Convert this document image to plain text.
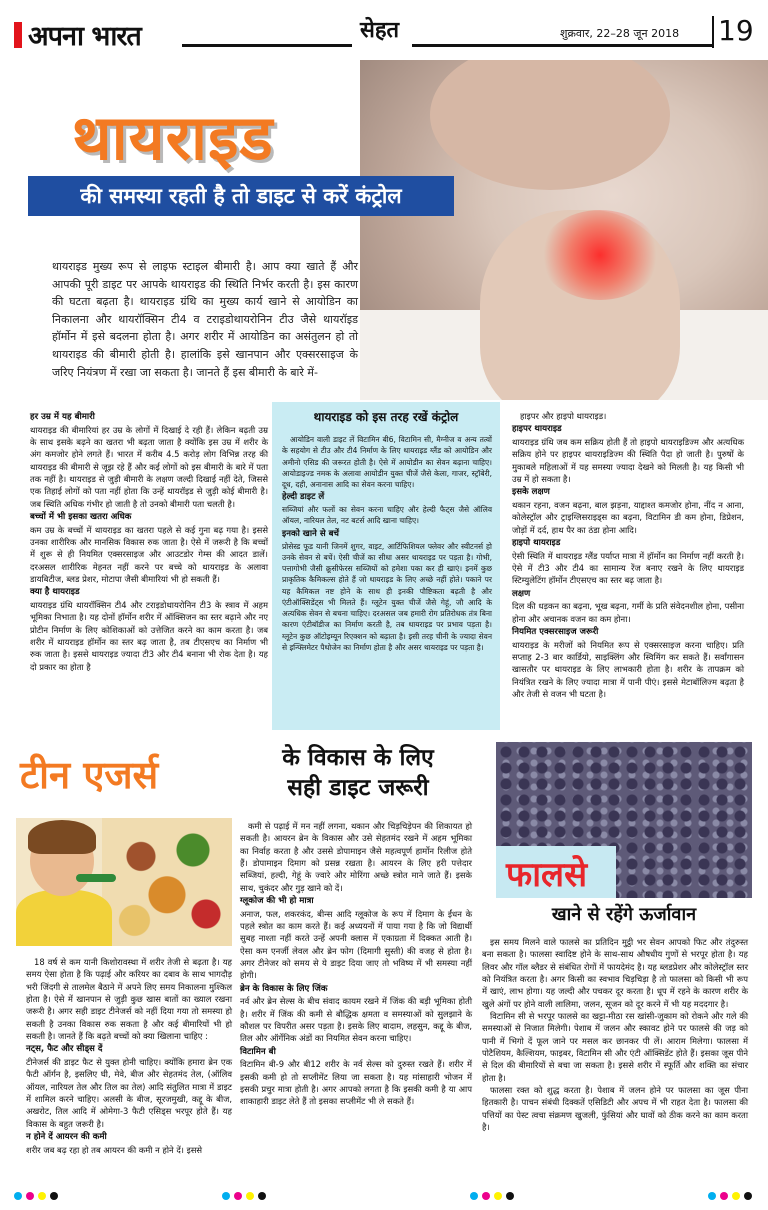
अपना भारत	सेहत	शुक्रवार, 22–28 जून 2018 19
थायराइड
की समस्या रहती है तो डाइट से करें कंट्रोल
थायराइड मुख्य रूप से लाइफ स्टाइल बीमारी है। आप क्या खाते हैं और आपकी पूरी डाइट पर आपके थायराइड की स्थिति निर्भर करती है। इस कारण की घटता बढ़ता है। थायराइड ग्रंथि का मुख्य कार्य खाने से आयोडिन का निकालना और थायरॉक्सिन टी4 व टराइडोथायरोनिन टीउ जैसे थायरॉइड हॉर्मोन में इसे बदलना होता है। अगर शरीर में आयोडिन का असंतुलन हो तो थायराइड की बीमारी होती है। हालांकि इसे खानपान और एक्सरसाइज के जरिए नियंत्रण में रखा जा सकता है। जानते हैं इस बीमारी के बारे में-

हर उम्र में यह बीमारी
थायराइड की बीमारियां हर उम्र के लोगों में दिखाई दे रही हैं। लेकिन बढ़ती उम्र के साथ इसके बढ़ने का खतरा भी बढ़ता जाता है क्योंकि इस उम्र में शरीर के अंग कमजोर होने लगते हैं। भारत में करीब 4.5 करोड़ लोग विभिन्न तरह की थायराइड की बीमारी से जूझ रहे हैं और कई लोगों को इस बीमारी के बारे में पता तक नहीं है। थायराइड से जुड़ी बीमारी के लक्षण जल्दी दिखाई नहीं देते, जिससे एक तिहाई लोगों को पता नहीं होता कि उन्हें थायरॉइड से जुड़ी कोई बीमारी है। जब स्थिति अधिक गंभीर हो जाती है तो उनको बीमारी पता चलती है।

बच्चों में भी इसका खतरा अधिक
कम उम्र के बच्चों में थायराइड का खतरा पहले से कई गुना बढ़ गया है। इससे उनका शारीरिक और मानसिक विकास रुक जाता है। ऐसे में जरूरी है कि बच्चों में शुरू से ही नियमित एक्सरसाइज और आउटडोर गेम्स की आदत डालें। दरअसल शारीरिक मेहनत नहीं करने पर बच्चे को थायराइड के अलावा डायबिटीज, ब्लड प्रेशर, मोटापा जैसी बीमारियां भी हो सकती हैं।

क्या है थायराइड
थायराइड ग्रंथि थायरॉक्सिन टी4 और टराइडोथायरोनिन टी3 के स्त्राव में अहम भूमिका निभाता है। यह दोनों हॉर्मोन शरीर में ऑक्सिजन का स्तर बढ़ाने और नए प्रोटीन निर्माण के लिए कोशिकाओं को उत्तेजित करने का काम करता है। जब शरीर में थायराइड हॉर्मोन का स्तर बढ़ जाता है, तब टीएसएच का निर्माण भी रुक जाता है। इससे थायराइड ज्यादा टी3 और टी4 बनाना भी रोक देता है। यह दो प्रकार का होता है

थायराइड को इस तरह रखें कंट्रोल

आयोडिन वाली डाइट लें विटामिन बी6, विटामिन सी, मैग्नीज व अन्य तत्वों के सहयोग से टीउ और टी4 निर्माण के लिए थायराइड ग्लैंड को आयोडिन और अमीनो एसिड की जरूरत होती है। ऐसे में आयोडीन का सेवन बढ़ाना चाहिए। आयोडाइज्ड नमक के अलावा आयोडीन युक्त चीजें जैसे केला, गाजर, स्ट्रॉबेरी, दूध, दही, अनानास आदि का सेवन करना चाहिए।

हेल्दी डाइट लें
सब्जियां और फलों का सेवन करना चाहिए और हेल्दी फैट्स जैसे ऑलिव ऑयल, नारियल तेल, नट बटर्स आदि खाना चाहिए।

इनको खाने से बचें
प्रोसेस्ड फूड यानी जिनमें शुगर, वाइट, आर्टिफिशियल फ्लेवर और स्वीटनर्स हो उनके सेवन से बचें। ऐसी चीजें का सीधा असर थायराइड पर पड़ता है। गोभी, पत्तागोभी जैसी क्रूसीफेरस सब्जियों को हमेशा पका कर ही खाएं। इनमें कुछ प्राकृतिक कैमिकल्स होते हैं जो थायराइड के लिए अच्छे नहीं होते। पकाने पर यह कैमिकल नष्ट होने के साथ ही इनकी पौष्टिकता बढ़ती है और एंटीऑक्सिडेंट्स भी मिलते हैं। ग्लूटेन युक्त चीजें जैसे गेहूं, जौ आदि के अत्यधिक सेवन से बचना चाहिए। दरअसल जब हमारी रोग प्रतिरोधक तंत्र बिना कारण एंटीबॉडीज का निर्माण करती है, तब थायराइड पर प्रभाव पड़ता है। ग्लूटेन कुछ ऑटोइम्यून रिएक्शन को बढ़ाता है। इसी तरह चीनी के ज्यादा सेवन से इन्फ्लिमेटर पैथोजेन का निर्माण होता है और असर थायराइड पर पड़ता है।

हाइपर और हाइपो थायराइड।

हाइपर थायराइड
थायराइड ग्रंथि जब कम सक्रिय होती हैं तो हाइपो थायराइडिज्म और अत्यधिक सक्रिय होने पर हाइपर थायराइडिज्म की स्थिति पैदा हो जाती है। पुरुषों के मुकाबले महिलाओं में यह समस्या ज्यादा देखने को मिलती है। यह किसी भी उम्र में हो सकता है।

इसके लक्षण
थकान रहना, वजन बढ़ना, बाल झड़ना, याद्दाश्त कमजोर होना, नींद न आना, कोलेस्ट्रॉल और ट्राइग्लिसराइड्स का बढ़ना, विटामिन डी कम होना, डिप्रेशन, जोड़ों में दर्द, हाथ पैर का ठंडा होना आदि।

हाइपो थायराइड
ऐसी स्थिति में थायराइड ग्लैंड पर्याप्त मात्रा में हॉर्मोन का निर्माण नहीं करती है। ऐसे में टी3 और टी4 का सामान्य रेंज बनाए रखने के लिए थायराइड स्टिम्युलेटिंग हॉर्मोन टीएसएच का स्तर बढ़ जाता है।

लक्षण
दिल की धड़कन का बढ़ना, भूख बढ़ना, गर्मी के प्रति संवेदनशील होना, पसीना होना और अचानक वजन का कम होना।

नियमित एक्सरसाइज जरूरी
थायराइड के मरीजों को नियमित रूप से एक्सरसाइज करना चाहिए। प्रति सप्ताह 2-3 बार कार्डियो, साइक्लिंग और स्विमिंग कर सकते हैं। सर्वांगासन खासतौर पर थायराइड के लिए लाभकारी होता है। शरीर के तापक्रम को नियंत्रित रखने के लिए ज्यादा मात्रा में पानी पीएं। इससे मेटाबॉलिज्म बढ़ता है और तेजी से वजन भी घटता है।

टीन एजर्स	के विकास के लिए
सही डाइट जरूरी

18 वर्ष से कम यानी किशोरावस्था में शरीर तेजी से बढ़ता है। यह समय ऐसा होता है कि पढ़ाई और करियर का दबाव के साथ भागदौड़ भरी जिंदगी से तालमेल बैठाने में अपने लिए समय निकालना मुश्किल होता है। ऐसे में खानपान से जुड़ी कुछ खास बातों का ख्याल रखना जरूरी है। अगर सही डाइट टीनेजर्स को नहीं दिया गया तो समस्या हो सकती है उनका विकास रुक सकता है और कई बीमारियों भी हो सकती है। जानते हैं कि बढ़ते बच्चों को क्या खिलाना चाहिए :

नट्स, फैट और सीड्स दें
टीनेजर्स की डाइट फैट से युक्त होनी चाहिए। क्योंकि हमारा ब्रेन एक फैटी ऑर्गन है, इसलिए घी, मेवे, बीज और सेहतमंद तेल, (ऑलिव ऑयल, नारियल तेल और तिल का तेल) आदि संतुलित मात्रा में डाइट में शामिल करने चाहिए। अलसी के बीज, सूरजमुखी, कद्दू के बीज, अखरोट, तिल आदि में ओमेगा-3 फैटी एसिड्स भरपूर होते हैं। यह विकास के बहुत जरूरी है।

न होने दें आयरन की कमी
शरीर जब बढ़ रहा हो तब आयरन की कमी न होने दें। इससे

कमी से पढ़ाई में मन नहीं लगना, थकान और चिड़चिड़ेपन की शिकायत हो सकती है। आयरन ब्रेन के विकास और उसे सेहतमंद रखने में अहम भूमिका का निर्वाह करता है और उससे डोपामाइन जैसे महत्वपूर्ण हार्मोन रिलीज होते हैं। डोपामाइन दिमाग को प्रसन्न रखता है। आयरन के लिए हरी पत्तेदार सब्जियां, हल्दी, गेहूं के ज्वारे और मोरिंगा अच्छे स्त्रोत माने जाते हैं। इसके साथ, चुकंदर और गुड़ खाने को दें।

ग्लूकोज की भी हो मात्रा
अनाज, फल, शकरकंद, बीन्स आदि ग्लूकोज के रूप में दिमाग के ईंधन के पहले स्त्रोत का काम करते हैं। कई अध्ययनों में पाया गया है कि जो विद्यार्थी सुबह नाश्ता नहीं करते उन्हें अपनी क्लास में एकाग्रता में दिक्कत आती है। ऐसा कम एनर्जी लेवल और ब्रेन फोग (दिमागी सुस्ती) की वजह से होता है। अगर टीनेजर को समय से ये डाइट दिया जाए तो भविष्य में भी समस्या नहीं होगी।

ब्रेन के विकास के लिए जिंक
नर्व और ब्रेन सेल्स के बीच संवाद कायम रखने में जिंक की बड़ी भूमिका होती है। शरीर में जिंक की कमी से बौद्धिक क्षमता व समस्याओं को सुलझाने के कौशल पर विपरीत असर पड़ता है। इसके लिए बादाम, लहसुन, कद्दू के बीज, तिल और ऑर्गेनिक अंडों का नियमित सेवन करना चाहिए।

विटामिन बी
विटामिन बी-9 और बी12 शरीर के नर्व सेल्स को दुरुस्त रखते हैं। शरीर में इसकी कमी हो तो सप्लीमेंट लिया जा सकता है। यह मांसाहारी भोजन में इसकी प्रचुर मात्रा होती है। अगर आपको लगता है कि इसकी कमी है या आप शाकाहारी डाइट लेते हैं तो इसका सप्लीमेंट भी ले सकते हैं।

फालसे
खाने से रहेंगे ऊर्जावान

इस समय मिलने वाले फालसे का प्रतिदिन मुट्ठी भर सेवन आपको फिट और तंदुरुस्त बना सकता है। फालसा स्वादिष्ट होने के साथ-साथ औषधीय गुणों से भरपूर होता है। यह लिवर और गॉल ब्लैडर से संबंधित रोगों में फायदेमंद है। यह ब्लडप्रेशर और कोलेस्ट्रॉल स्तर को नियंत्रित करता है। अगर किसी का स्वभाव चिड़चिड़ा है तो फालसा को किसी भी रूप में खाएं, लाभ होगा। यह जल्दी और पचकर दूर करता है। धूप में रहने के कारण शरीर के खुले अंगों पर होने वाली लालिमा, जलन, सूजन को दूर करने में भी यह मददगार है।

विटामिन सी से भरपूर फालसे का खट्टा-मीठा रस खांसी-जुकाम को रोकने और गले की समस्याओं से निजात मिलेगी। पेशाब में जलन और स्कावट होने पर फालसे की जड़ को पानी में भिगो दें फूल जाने पर मसल कर छानकर पी लें। आराम मिलेगा। फालसा में पोटैशियम, कैल्शियम, फाइबर, विटामिन सी और एंटी ऑक्सिडेंट होते हैं। इसका जूस पीने से दिल की बीमारियों से बचा जा सकता है। इससे शरीर में स्फूर्ति और शक्ति का संचार होता है।

फालसा रक्त को शुद्ध करता है। पेशाब में जलन होने पर फालसा का जूस पीना हितकारी है। पाचन संबंधी दिक्कतें एसिडिटी और अपच में भी राहत देता है। फालसा की पत्तियों का पेस्ट त्वचा संक्रमण खुजली, फुंसियां और घावों को ठीक करने का काम करता है।
